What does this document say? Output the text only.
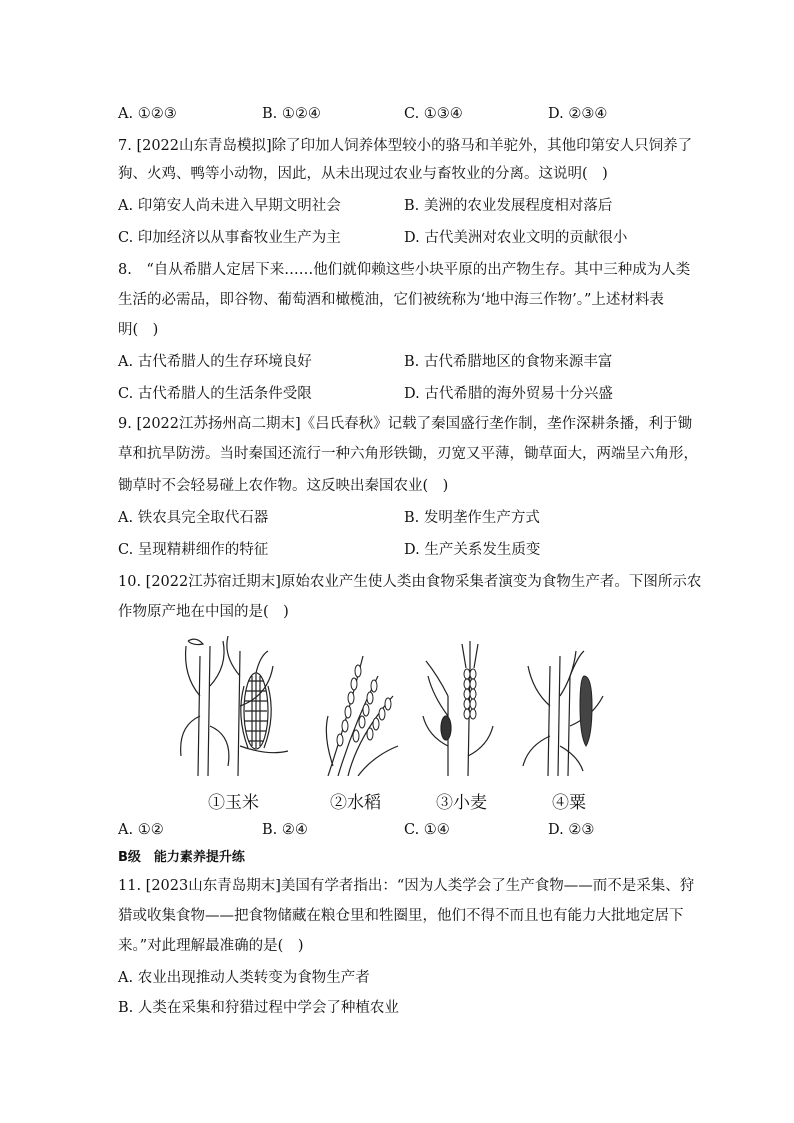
A. ①②③	B. ①②④	C. ①③④	D. ②③④
7. [2022山东青岛模拟]除了印加人饲养体型较小的骆马和羊驼外，其他印第安人只饲养了
狗、火鸡、鸭等小动物，因此，从未出现过农业与畜牧业的分离。这说明(　)
A. 印第安人尚未进入早期文明社会	B. 美洲的农业发展程度相对落后
C. 印加经济以从事畜牧业生产为主	D. 古代美洲对农业文明的贡献很小
8.　“自从希腊人定居下来……他们就仰赖这些小块平原的出产物生存。其中三种成为人类
生活的必需品，即谷物、葡萄酒和橄榄油，它们被统称为‘地中海三作物’。”上述材料表
明(　)
A. 古代希腊人的生存环境良好	B. 古代希腊地区的食物来源丰富
C. 古代希腊人的生活条件受限	D. 古代希腊的海外贸易十分兴盛
9. [2022江苏扬州高二期末]《吕氏春秋》记载了秦国盛行垄作制，垄作深耕条播，利于锄
草和抗旱防涝。当时秦国还流行一种六角形铁锄，刃宽又平薄，锄草面大，两端呈六角形，
锄草时不会轻易碰上农作物。这反映出秦国农业(　)
A. 铁农具完全取代石器	B. 发明垄作生产方式
C. 呈现精耕细作的特征	D. 生产关系发生质变
10. [2022江苏宿迁期末]原始农业产生使人类由食物采集者演变为食物生产者。下图所示农
作物原产地在中国的是(　)
①玉米	②水稻	③小麦	④粟
A. ①②	B. ②④	C. ①④	D. ②③
B级　能力素养提升练
11. [2023山东青岛期末]美国有学者指出：“因为人类学会了生产食物——而不是采集、狩
猎或收集食物——把食物储藏在粮仓里和牲圈里，他们不得不而且也有能力大批地定居下
来。”对此理解最准确的是(　)
A. 农业出现推动人类转变为食物生产者
B. 人类在采集和狩猎过程中学会了种植农业
